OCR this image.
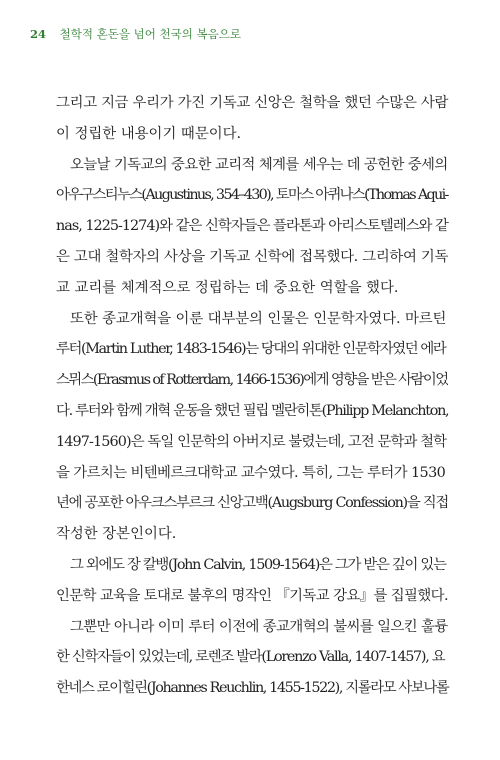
24 철학적 혼돈을 넘어 천국의 복음으로
그리고 지금 우리가 가진 기독교 신앙은 철학을 했던 수많은 사람
이 정립한 내용이기 때문이다.
오늘날 기독교의 중요한 교리적 체계를 세우는 데 공헌한 중세의
아우구스티누스(Augustinus, 354–430), 토마스 아퀴나스(Thomas Aqui-
nas, 1225-1274)와 같은 신학자들은 플라톤과 아리스토텔레스와 같
은 고대 철학자의 사상을 기독교 신학에 접목했다. 그리하여 기독
교 교리를 체계적으로 정립하는 데 중요한 역할을 했다.
또한 종교개혁을 이룬 대부분의 인물은 인문학자였다. 마르틴
루터(Martin Luther, 1483-1546)는 당대의 위대한 인문학자였던 에라
스뮈스(Erasmus of Rotterdam, 1466-1536)에게 영향을 받은 사람이었
다. 루터와 함께 개혁 운동을 했던 필립 멜란히톤(Philipp Melanchton,
1497-1560)은 독일 인문학의 아버지로 불렸는데, 고전 문학과 철학
을 가르치는 비텐베르크대학교 교수였다. 특히, 그는 루터가 1530
년에 공포한 아우크스부르크 신앙고백(Augsburg Confession)을 직접
작성한 장본인이다.
그 외에도 장 칼뱅(John Calvin, 1509-1564)은 그가 받은 깊이 있는
인문학 교육을 토대로 불후의 명작인 『기독교 강요』를 집필했다.
그뿐만 아니라 이미 루터 이전에 종교개혁의 불씨를 일으킨 훌륭
한 신학자들이 있었는데, 로렌조 발라(Lorenzo Valla, 1407-1457), 요
한네스 로이힐린(Johannes Reuchlin, 1455-1522), 지롤라모 사보나롤
